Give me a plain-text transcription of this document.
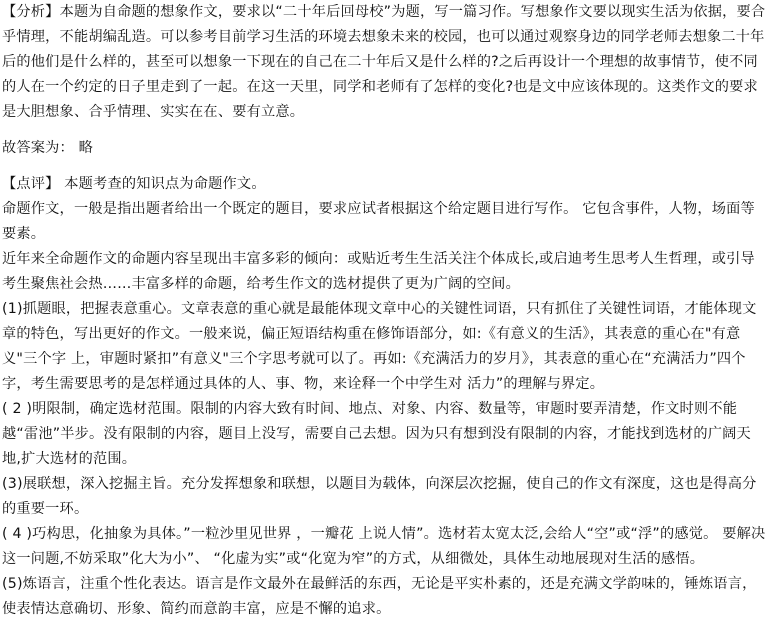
【分析】本题为自命题的想象作文，要求以“二十年后回母校”为题，写一篇习作。写想象作文要以现实生活为依据，要合乎情理，不能胡编乱造。可以参考目前学习生活的环境去想象未来的校园，也可以通过观察身边的同学老师去想象二十年后的他们是什么样的，甚至可以想象一下现在的自己在二十年后又是什么样的?之后再设计一个理想的故事情节，使不同的人在一个约定的日子里走到了一起。在这一天里，同学和老师有了怎样的变化?也是文中应该体现的。这类作文的要求是大胆想象、合乎情理、实实在在、要有立意。

故答案为： 略

【点评】 本题考查的知识点为命题作文。

命题作文，一般是指出题者给出一个既定的题目，要求应试者根据这个给定题目进行写作。 它包含事件，人物，场面等要素。

近年来全命题作文的命题内容呈现出丰富多彩的倾向：或贴近考生生活关注个体成长,或启迪考生思考人生哲理，或引导考生聚焦社会热……丰富多样的命题，给考生作文的选材提供了更为广阔的空间。

(1)抓题眼，把握表意重心。文章表意的重心就是最能体现文章中心的关键性词语，只有抓住了关键性词语，才能体现文章的特色，写出更好的作文。一般来说，偏正短语结构重在修饰语部分，如:《有意义的生活》，其表意的重心在"有意义"三个字 上，审题时紧扣”有意义"三个字思考就可以了。再如:《充满活力的岁月》，其表意的重心在“充满活力”四个字，考生需要思考的是怎样通过具体的人、事、物，来诠释一个中学生对 活力”的理解与界定。

( 2 )明限制，确定选材范围。限制的内容大致有时间、地点、对象、内容、数量等，审题时要弄清楚，作文时则不能越“雷池”半步。没有限制的内容，题目上没写，需要自己去想。因为只有想到没有限制的内容，才能找到选材的广阔天地,扩大选材的范围。

(3)展联想，深入挖掘主旨。充分发挥想象和联想，以题目为载体，向深层次挖掘，使自己的作文有深度，这也是得高分的重要一环。

( 4 )巧构思，化抽象为具体。”一粒沙里见世界 ，一瓣花 上说人情”。选材若太宽太泛,会给人“空”或“浮”的感觉。 要解决这一问题,不妨采取”化大为小”、 “化虚为实”或“化宽为窄”的方式，从细微处，具体生动地展现对生活的感悟。

(5)炼语言，注重个性化表达。语言是作文最外在最鲜活的东西，无论是平实朴素的，还是充满文学韵味的，锤炼语言，使表情达意确切、形象、简约而意韵丰富，应是不懈的追求。
